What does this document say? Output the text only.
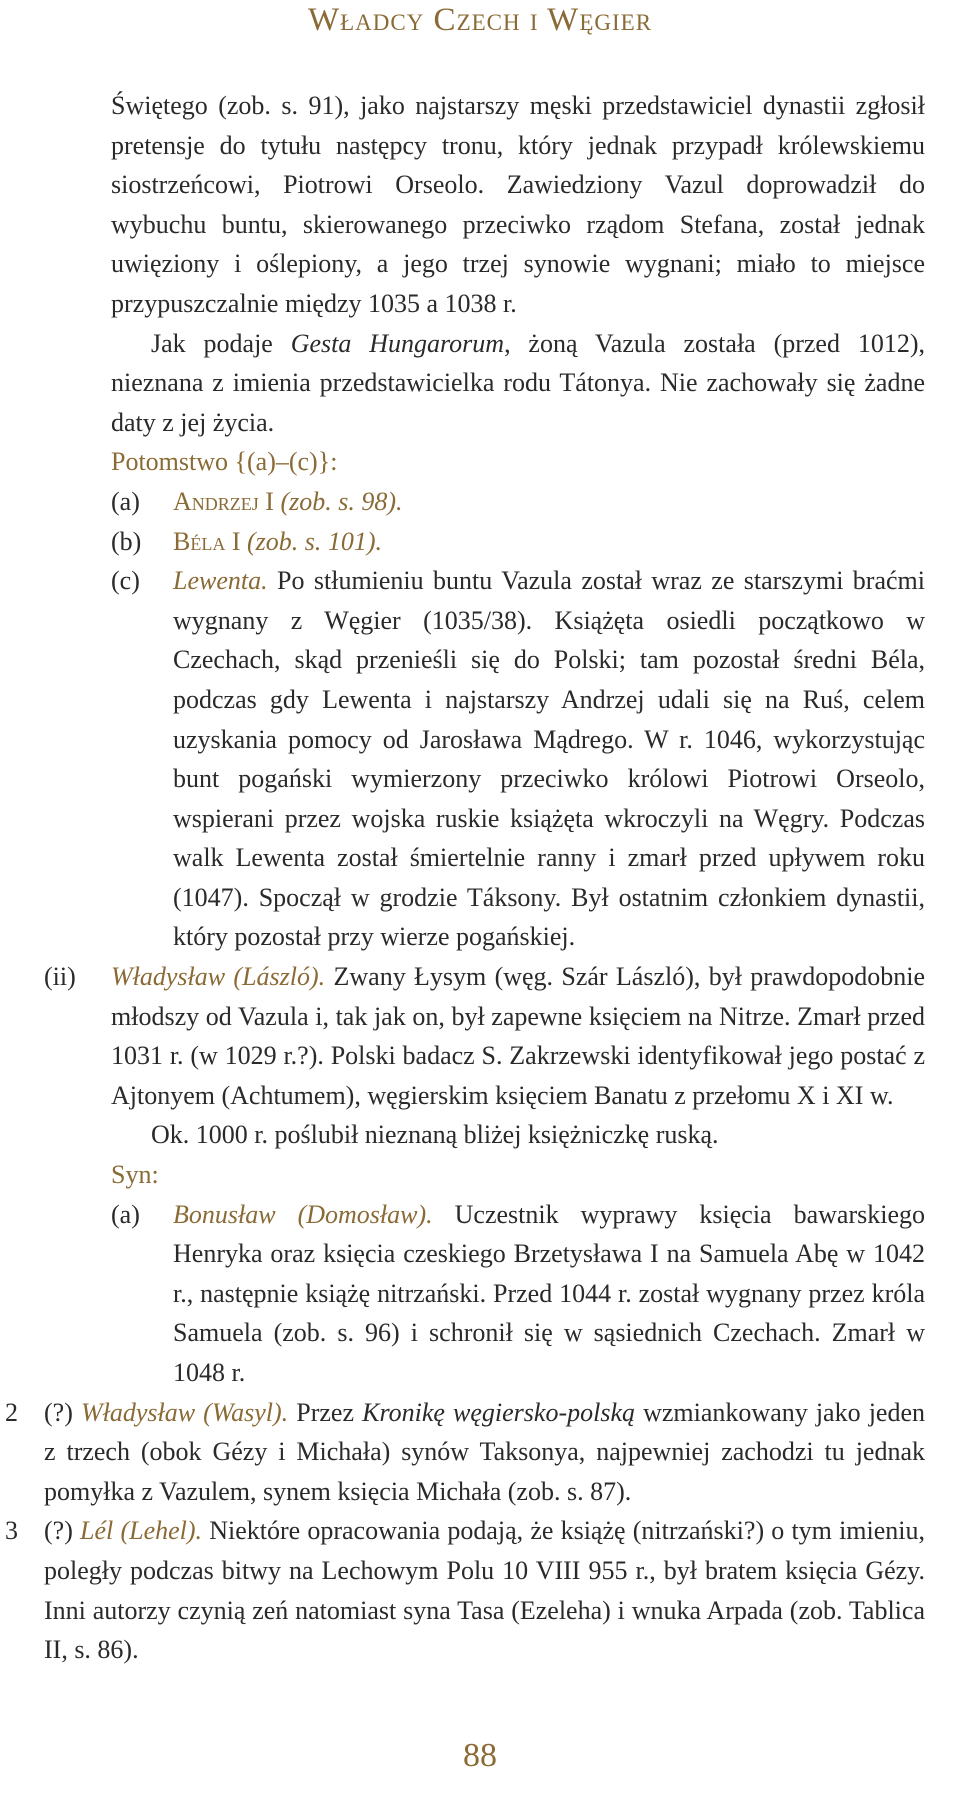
Władcy Czech i Węgier
Świętego (zob. s. 91), jako najstarszy męski przedstawiciel dynastii zgłosił pretensje do tytułu następcy tronu, który jednak przypadł królewskiemu siostrzeńcowi, Piotrowi Orseolo. Zawiedziony Vazul doprowadził do wybuchu buntu, skierowanego przeciwko rządom Stefana, został jednak uwięziony i oślepiony, a jego trzej synowie wygnani; miało to miejsce przypuszczalnie między 1035 a 1038 r.
Jak podaje Gesta Hungarorum, żoną Vazula została (przed 1012), nieznana z imienia przedstawicielka rodu Tátonya. Nie zachowały się żadne daty z jej życia.
Potomstwo {(a)–(c)}:
(a) Andrzej I (zob. s. 98).
(b) Béla I (zob. s. 101).
(c) Lewenta. Po stłumieniu buntu Vazula został wraz ze starszymi braćmi wygnany z Węgier (1035/38). Książęta osiedli początkowo w Czechach, skąd przenieśli się do Polski; tam pozostał średni Béla, podczas gdy Lewenta i najstarszy Andrzej udali się na Ruś, celem uzyskania pomocy od Jarosława Mądrego. W r. 1046, wykorzystując bunt pogański wymierzony przeciwko królowi Piotrowi Orseolo, wspierani przez wojska ruskie książęta wkroczyli na Węgry. Podczas walk Lewenta został śmiertelnie ranny i zmarł przed upływem roku (1047). Spoczął w grodzie Táksony. Był ostatnim członkiem dynastii, który pozostał przy wierze pogańskiej.
(ii) Władysław (László). Zwany Łysym (węg. Szár László), był prawdopodobnie młodszy od Vazula i, tak jak on, był zapewne księciem na Nitrze. Zmarł przed 1031 r. (w 1029 r.?). Polski badacz S. Zakrzewski identyfikował jego postać z Ajtonyem (Achtumem), węgierskim księciem Banatu z przełomu X i XI w.
Ok. 1000 r. poślubił nieznaną bliżej księżniczkę ruską.
Syn:
(a) Bonusław (Domosław). Uczestnik wyprawy księcia bawarskiego Henryka oraz księcia czeskiego Brzetysława I na Samuela Abę w 1042 r., następnie książę nitrzański. Przed 1044 r. został wygnany przez króla Samuela (zob. s. 96) i schronił się w sąsiednich Czechach. Zmarł w 1048 r.
2 (?) Władysław (Wasyl). Przez Kronikę węgiersko-polską wzmiankowany jako jeden z trzech (obok Gézy i Michała) synów Taksonya, najpewniej zachodzi tu jednak pomyłka z Vazulem, synem księcia Michała (zob. s. 87).
3 (?) Lél (Lehel). Niektóre opracowania podają, że książę (nitrzański?) o tym imieniu, poległy podczas bitwy na Lechowym Polu 10 VIII 955 r., był bratem księcia Gézy. Inni autorzy czynią zeń natomiast syna Tasa (Ezeleha) i wnuka Arpada (zob. Tablica II, s. 86).
88
